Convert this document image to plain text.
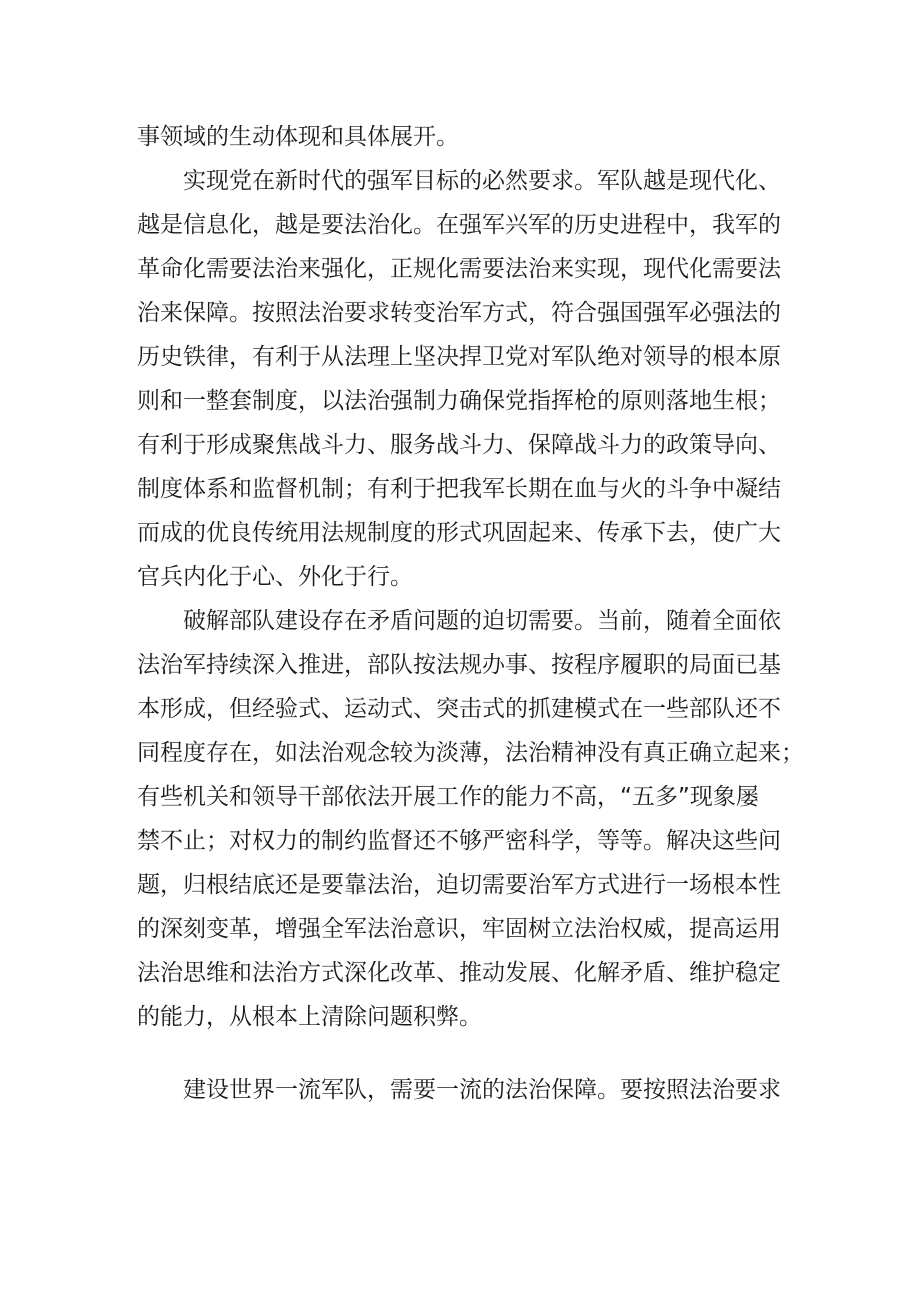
事领域的生动体现和具体展开。
实现党在新时代的强军目标的必然要求。军队越是现代化、
越是信息化，越是要法治化。在强军兴军的历史进程中，我军的
革命化需要法治来强化，正规化需要法治来实现，现代化需要法
治来保障。按照法治要求转变治军方式，符合强国强军必强法的
历史铁律，有利于从法理上坚决捍卫党对军队绝对领导的根本原
则和一整套制度，以法治强制力确保党指挥枪的原则落地生根；
有利于形成聚焦战斗力、服务战斗力、保障战斗力的政策导向、
制度体系和监督机制；有利于把我军长期在血与火的斗争中凝结
而成的优良传统用法规制度的形式巩固起来、传承下去，使广大
官兵内化于心、外化于行。
破解部队建设存在矛盾问题的迫切需要。当前，随着全面依
法治军持续深入推进，部队按法规办事、按程序履职的局面已基
本形成，但经验式、运动式、突击式的抓建模式在一些部队还不
同程度存在，如法治观念较为淡薄，法治精神没有真正确立起来；
有些机关和领导干部依法开展工作的能力不高，“五多”现象屡
禁不止；对权力的制约监督还不够严密科学，等等。解决这些问
题，归根结底还是要靠法治，迫切需要治军方式进行一场根本性
的深刻变革，增强全军法治意识，牢固树立法治权威，提高运用
法治思维和法治方式深化改革、推动发展、化解矛盾、维护稳定
的能力，从根本上清除问题积弊。
建设世界一流军队，需要一流的法治保障。要按照法治要求
